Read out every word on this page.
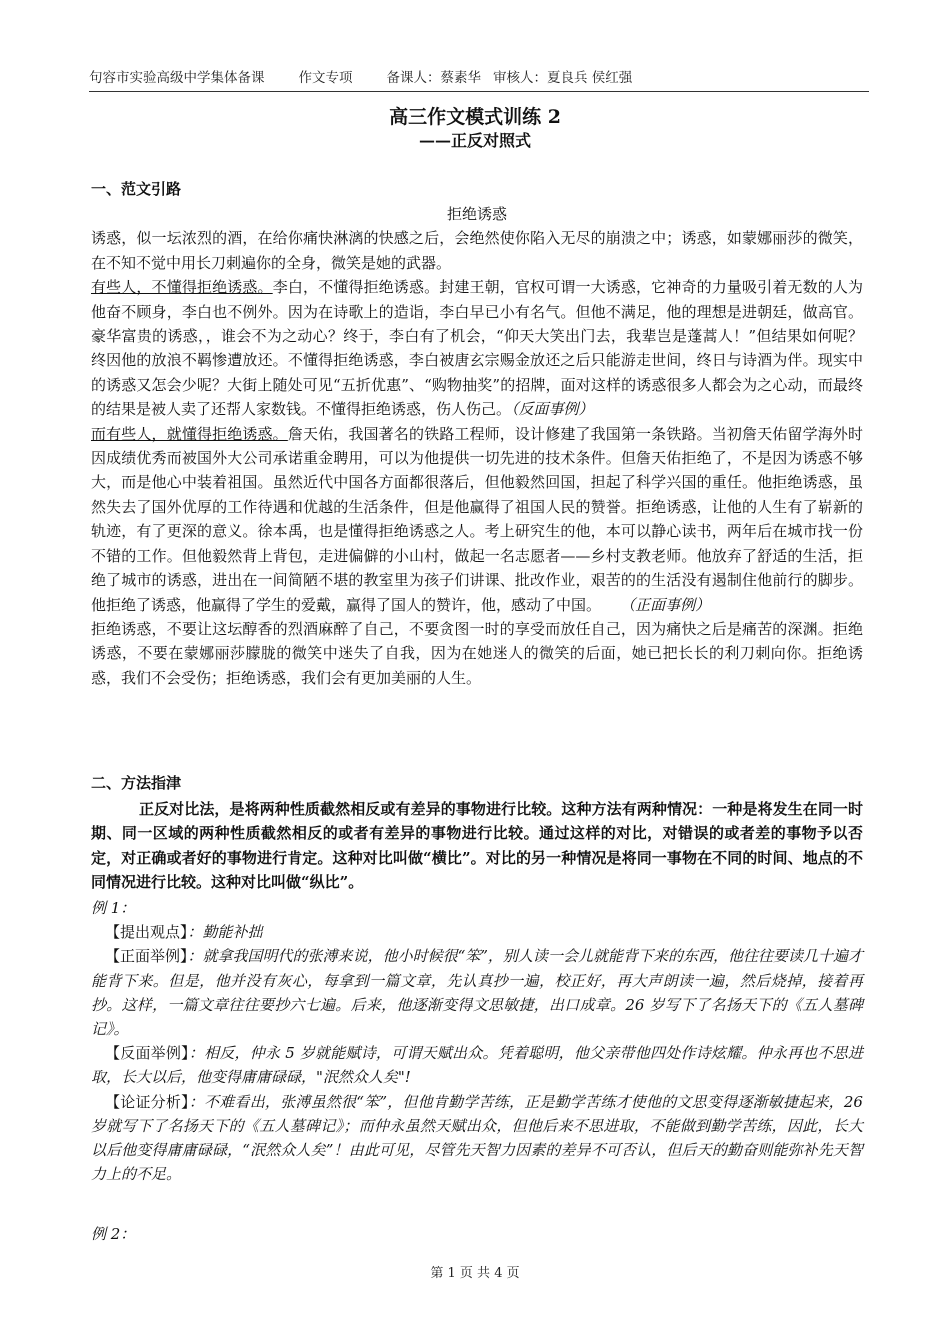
句容市实验高级中学集体备课	作文专项	备课人：蔡素华 审核人：夏良兵 侯红强
高三作文模式训练 2
——正反对照式
一、范文引路

拒绝诱惑

诱惑，似一坛浓烈的酒，在给你痛快淋漓的快感之后，会绝然使你陷入无尽的崩溃之中；诱惑，如蒙娜丽莎的微笑，在不知不觉中用长刀刺遍你的全身，微笑是她的武器。

有些人，不懂得拒绝诱惑。李白，不懂得拒绝诱惑。封建王朝，官权可谓一大诱惑，它神奇的力量吸引着无数的人为他奋不顾身，李白也不例外。因为在诗歌上的造诣，李白早已小有名气。但他不满足，他的理想是进朝廷，做高官。豪华富贵的诱惑，，谁会不为之动心？终于，李白有了机会，“仰天大笑出门去，我辈岂是蓬蒿人！”但结果如何呢？终因他的放浪不羁惨遭放还。不懂得拒绝诱惑，李白被唐玄宗赐金放还之后只能游走世间，终日与诗酒为伴。现实中的诱惑又怎会少呢？大街上随处可见“五折优惠”、“购物抽奖”的招牌，面对这样的诱惑很多人都会为之心动，而最终的结果是被人卖了还帮人家数钱。不懂得拒绝诱惑，伤人伤己。（反面事例）

而有些人，就懂得拒绝诱惑。詹天佑，我国著名的铁路工程师，设计修建了我国第一条铁路。当初詹天佑留学海外时因成绩优秀而被国外大公司承诺重金聘用，可以为他提供一切先进的技术条件。但詹天佑拒绝了，不是因为诱惑不够大，而是他心中装着祖国。虽然近代中国各方面都很落后，但他毅然回国，担起了科学兴国的重任。他拒绝诱惑，虽然失去了国外优厚的工作待遇和优越的生活条件，但是他赢得了祖国人民的赞誉。拒绝诱惑，让他的人生有了崭新的轨迹，有了更深的意义。徐本禹，也是懂得拒绝诱惑之人。考上研究生的他，本可以静心读书，两年后在城市找一份不错的工作。但他毅然背上背包，走进偏僻的小山村，做起一名志愿者——乡村支教老师。他放弃了舒适的生活，拒绝了城市的诱惑，进出在一间简陋不堪的教室里为孩子们讲课、批改作业，艰苦的的生活没有遏制住他前行的脚步。他拒绝了诱惑，他赢得了学生的爱戴，赢得了国人的赞许，他，感动了中国。 （正面事例）

拒绝诱惑，不要让这坛醇香的烈酒麻醉了自己，不要贪图一时的享受而放任自己，因为痛快之后是痛苦的深渊。拒绝诱惑，不要在蒙娜丽莎朦胧的微笑中迷失了自我，因为在她迷人的微笑的后面，她已把长长的利刀刺向你。拒绝诱惑，我们不会受伤；拒绝诱惑，我们会有更加美丽的人生。

二、方法指津
正反对比法，是将两种性质截然相反或有差异的事物进行比较。这种方法有两种情况：一种是将发生在同一时期、同一区域的两种性质截然相反的或者有差异的事物进行比较。通过这样的对比，对错误的或者差的事物予以否定，对正确或者好的事物进行肯定。这种对比叫做“横比”。对比的另一种情况是将同一事物在不同的时间、地点的不同情况进行比较。这种对比叫做“纵比”。

例 1：

【提出观点】：勤能补拙

【正面举例】：就拿我国明代的张溥来说，他小时候很“笨”，别人读一会儿就能背下来的东西，他往往要读几十遍才能背下来。但是，他并没有灰心，每拿到一篇文章，先认真抄一遍，校正好，再大声朗读一遍，然后烧掉，接着再抄。这样，一篇文章往往要抄六七遍。后来，他逐渐变得文思敏捷，出口成章。26 岁写下了名扬天下的《五人墓碑记》。

【反面举例】：相反，仲永 5 岁就能赋诗，可谓天赋出众。凭着聪明，他父亲带他四处作诗炫耀。仲永再也不思进取，长大以后，他变得庸庸碌碌，"泯然众人矣"!

【论证分析】：不难看出，张溥虽然很“笨”，但他肯勤学苦练，正是勤学苦练才使他的文思变得逐渐敏捷起来，26 岁就写下了名扬天下的《五人墓碑记》；而仲永虽然天赋出众，但他后来不思进取，不能做到勤学苦练，因此，长大以后他变得庸庸碌碌，“泯然众人矣”！由此可见，尽管先天智力因素的差异不可否认，但后天的勤奋则能弥补先天智力上的不足。

例 2：
第 1 页 共 4 页
